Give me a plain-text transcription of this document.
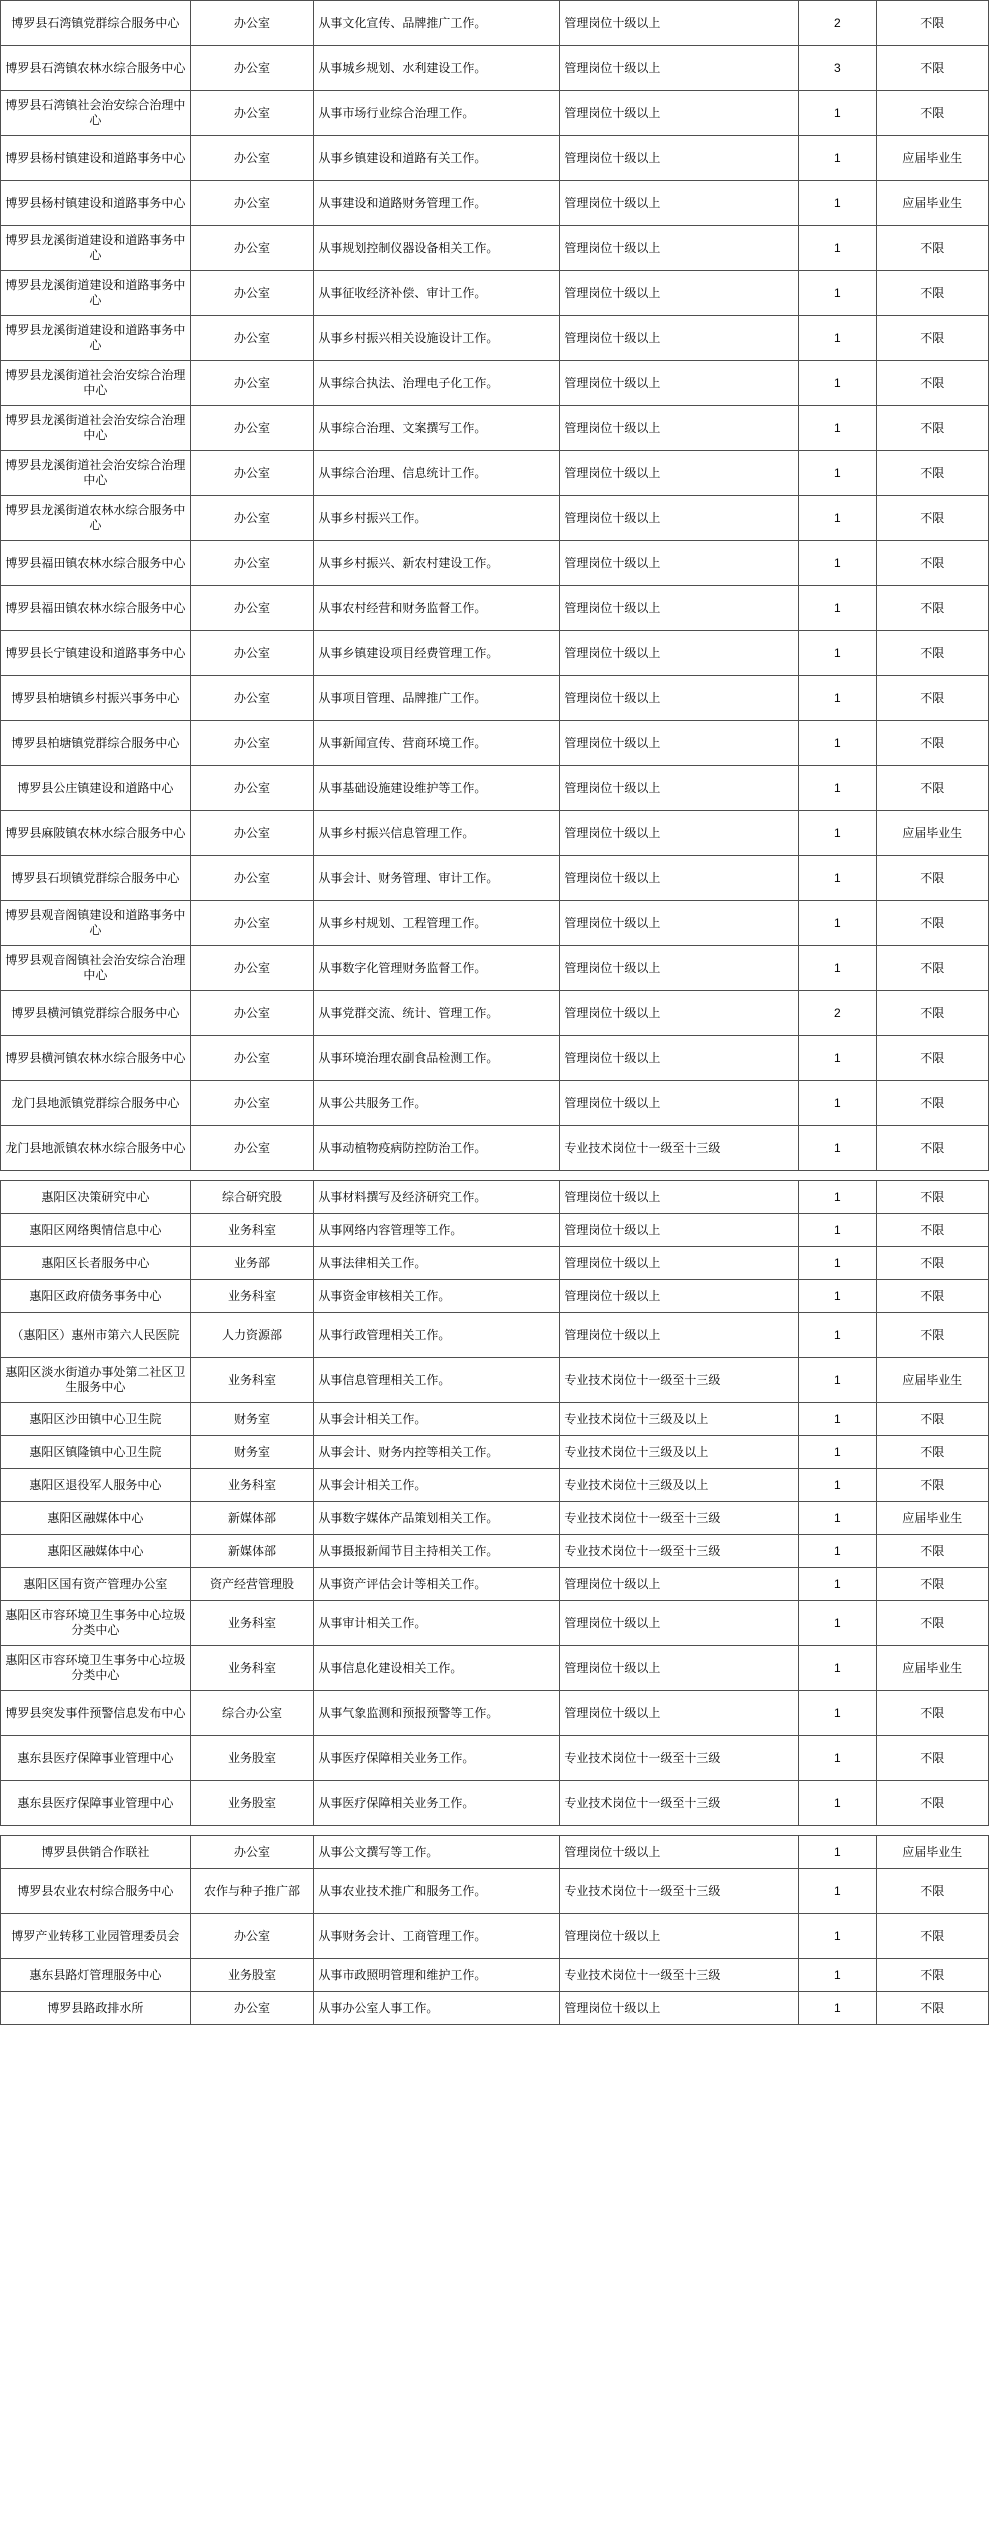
博罗县石湾镇党群综合服务中心	办公室	从事文化宣传、品牌推广工作。	管理岗位十级以上	2	不限
博罗县石湾镇农林水综合服务中心	办公室	从事城乡规划、水利建设工作。	管理岗位十级以上	3	不限
博罗县石湾镇社会治安综合治理中心	办公室	从事市场行业综合治理工作。	管理岗位十级以上	1	不限
博罗县杨村镇建设和道路事务中心	办公室	从事乡镇建设和道路有关工作。	管理岗位十级以上	1	应届毕业生
博罗县杨村镇建设和道路事务中心	办公室	从事建设和道路财务管理工作。	管理岗位十级以上	1	应届毕业生
博罗县龙溪街道建设和道路事务中心	办公室	从事规划控制仪器设备相关工作。	管理岗位十级以上	1	不限
博罗县龙溪街道建设和道路事务中心	办公室	从事征收经济补偿、审计工作。	管理岗位十级以上	1	不限
博罗县龙溪街道建设和道路事务中心	办公室	从事乡村振兴相关设施设计工作。	管理岗位十级以上	1	不限
博罗县龙溪街道社会治安综合治理中心	办公室	从事综合执法、治理电子化工作。	管理岗位十级以上	1	不限
博罗县龙溪街道社会治安综合治理中心	办公室	从事综合治理、文案撰写工作。	管理岗位十级以上	1	不限
博罗县龙溪街道社会治安综合治理中心	办公室	从事综合治理、信息统计工作。	管理岗位十级以上	1	不限
博罗县龙溪街道农林水综合服务中心	办公室	从事乡村振兴工作。	管理岗位十级以上	1	不限
博罗县福田镇农林水综合服务中心	办公室	从事乡村振兴、新农村建设工作。	管理岗位十级以上	1	不限
博罗县福田镇农林水综合服务中心	办公室	从事农村经营和财务监督工作。	管理岗位十级以上	1	不限
博罗县长宁镇建设和道路事务中心	办公室	从事乡镇建设项目经费管理工作。	管理岗位十级以上	1	不限
博罗县柏塘镇乡村振兴事务中心	办公室	从事项目管理、品牌推广工作。	管理岗位十级以上	1	不限
博罗县柏塘镇党群综合服务中心	办公室	从事新闻宣传、营商环境工作。	管理岗位十级以上	1	不限
博罗县公庄镇建设和道路中心	办公室	从事基础设施建设维护等工作。	管理岗位十级以上	1	不限
博罗县麻陂镇农林水综合服务中心	办公室	从事乡村振兴信息管理工作。	管理岗位十级以上	1	应届毕业生
博罗县石坝镇党群综合服务中心	办公室	从事会计、财务管理、审计工作。	管理岗位十级以上	1	不限
博罗县观音阁镇建设和道路事务中心	办公室	从事乡村规划、工程管理工作。	管理岗位十级以上	1	不限
博罗县观音阁镇社会治安综合治理中心	办公室	从事数字化管理财务监督工作。	管理岗位十级以上	1	不限
博罗县横河镇党群综合服务中心	办公室	从事党群交流、统计、管理工作。	管理岗位十级以上	2	不限
博罗县横河镇农林水综合服务中心	办公室	从事环境治理农副食品检测工作。	管理岗位十级以上	1	不限
龙门县地派镇党群综合服务中心	办公室	从事公共服务工作。	管理岗位十级以上	1	不限
龙门县地派镇农林水综合服务中心	办公室	从事动植物疫病防控防治工作。	专业技术岗位十一级至十三级	1	不限

惠阳区决策研究中心	综合研究股	从事材料撰写及经济研究工作。	管理岗位十级以上	1	不限
惠阳区网络舆情信息中心	业务科室	从事网络内容管理等工作。	管理岗位十级以上	1	不限
惠阳区长者服务中心	业务部	从事法律相关工作。	管理岗位十级以上	1	不限
惠阳区政府债务事务中心	业务科室	从事资金审核相关工作。	管理岗位十级以上	1	不限
（惠阳区）惠州市第六人民医院	人力资源部	从事行政管理相关工作。	管理岗位十级以上	1	不限
惠阳区淡水街道办事处第二社区卫生服务中心	业务科室	从事信息管理相关工作。	专业技术岗位十一级至十三级	1	应届毕业生
惠阳区沙田镇中心卫生院	财务室	从事会计相关工作。	专业技术岗位十三级及以上	1	不限
惠阳区镇隆镇中心卫生院	财务室	从事会计、财务内控等相关工作。	专业技术岗位十三级及以上	1	不限
惠阳区退役军人服务中心	业务科室	从事会计相关工作。	专业技术岗位十三级及以上	1	不限
惠阳区融媒体中心	新媒体部	从事数字媒体产品策划相关工作。	专业技术岗位十一级至十三级	1	应届毕业生
惠阳区融媒体中心	新媒体部	从事摄报新闻节目主持相关工作。	专业技术岗位十一级至十三级	1	不限
惠阳区国有资产管理办公室	资产经营管理股	从事资产评估会计等相关工作。	管理岗位十级以上	1	不限
惠阳区市容环境卫生事务中心垃圾分类中心	业务科室	从事审计相关工作。	管理岗位十级以上	1	不限
惠阳区市容环境卫生事务中心垃圾分类中心	业务科室	从事信息化建设相关工作。	管理岗位十级以上	1	应届毕业生
博罗县突发事件预警信息发布中心	综合办公室	从事气象监测和预报预警等工作。	管理岗位十级以上	1	不限
惠东县医疗保障事业管理中心	业务股室	从事医疗保障相关业务工作。	专业技术岗位十一级至十三级	1	不限
惠东县医疗保障事业管理中心	业务股室	从事医疗保障相关业务工作。	专业技术岗位十一级至十三级	1	不限

博罗县供销合作联社	办公室	从事公文撰写等工作。	管理岗位十级以上	1	应届毕业生
博罗县农业农村综合服务中心	农作与种子推广部	从事农业技术推广和服务工作。	专业技术岗位十一级至十三级	1	不限
博罗产业转移工业园管理委员会	办公室	从事财务会计、工商管理工作。	管理岗位十级以上	1	不限
惠东县路灯管理服务中心	业务股室	从事市政照明管理和维护工作。	专业技术岗位十一级至十三级	1	不限
博罗县路政排水所	办公室	从事办公室人事工作。	管理岗位十级以上	1	不限
